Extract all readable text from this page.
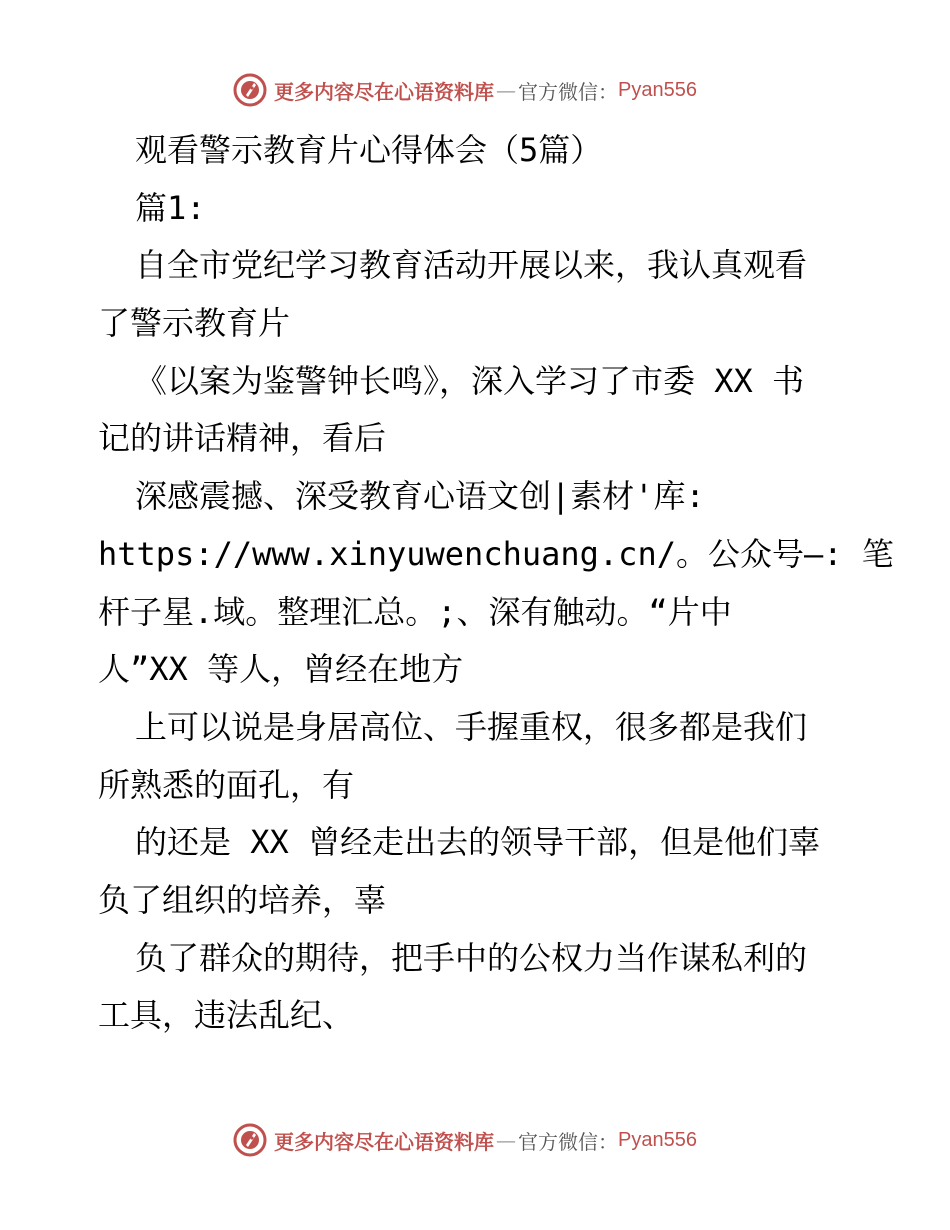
更多内容尽在心语资料库 — 官方微信： Pyan556
观看警示教育片心得体会（5篇）
篇1:
自全市党纪学习教育活动开展以来，我认真观看
了警示教育片
《以案为鉴警钟长鸣》，深入学习了市委 XX 书
记的讲话精神，看后
深感震撼、深受教育心语文创|素材'库:
https://www.xinyuwenchuang.cn/。公众号—: 笔
杆子星.域。整理汇总。;、深有触动。“片中
人”XX 等人，曾经在地方
上可以说是身居高位、手握重权，很多都是我们
所熟悉的面孔，有
的还是 XX 曾经走出去的领导干部，但是他们辜
负了组织的培养，辜
负了群众的期待，把手中的公权力当作谋私利的
工具，违法乱纪、
更多内容尽在心语资料库 — 官方微信： Pyan556
